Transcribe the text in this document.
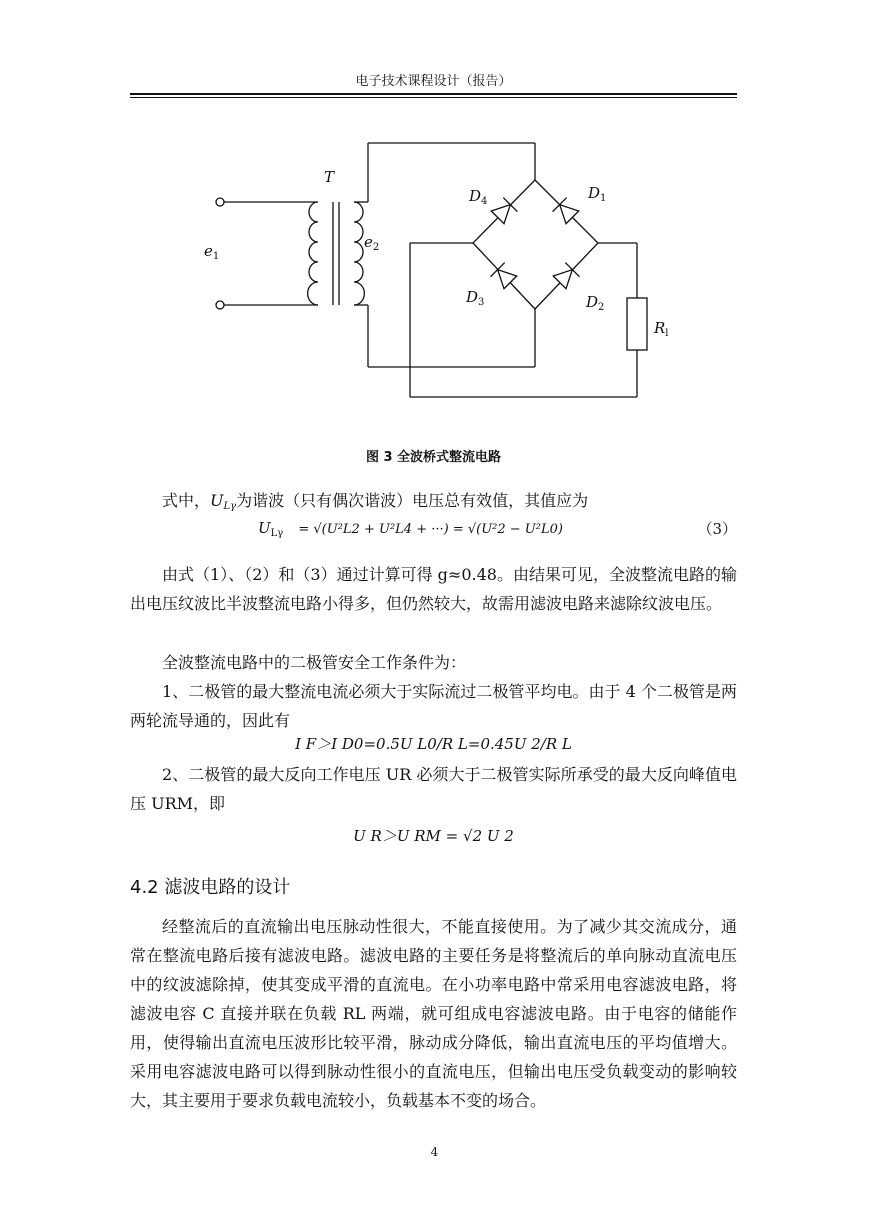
电子技术课程设计（报告）
T
$e_1$
$e_2$
$D_4$	$D_1$
$D_3$	$D_2$
$R_l$
图 3 全波桥式整流电路
式中，$U_{L\gamma}$为谐波（只有偶次谐波）电压总有效值，其值应为
$U_{L\gamma} = √(U^2L2 + U^2L4$ + ···) = √(U²2 − U²L0)	（3）
由式（1）、（2）和（3）通过计算可得 g≈0.48。由结果可见，全波整流电路的输出电压纹波比半波整流电路小得多，但仍然较大，故需用滤波电路来滤除纹波电压。
全波整流电路中的二极管安全工作条件为：
1、二极管的最大整流电流必须大于实际流过二极管平均电。由于 4 个二极管是两两轮流导通的，因此有
I F＞I D0=0.5U L0/R L=0.45U 2/R L
2、二极管的最大反向工作电压 UR 必须大于二极管实际所承受的最大反向峰值电压 URM，即
U R＞U RM = √2 U 2
4.2 滤波电路的设计
经整流后的直流输出电压脉动性很大，不能直接使用。为了减少其交流成分，通常在整流电路后接有滤波电路。滤波电路的主要任务是将整流后的单向脉动直流电压中的纹波滤除掉，使其变成平滑的直流电。在小功率电路中常采用电容滤波电路，将滤波电容 C 直接并联在负载 RL 两端，就可组成电容滤波电路。由于电容的储能作用，使得输出直流电压波形比较平滑，脉动成分降低，输出直流电压的平均值增大。采用电容滤波电路可以得到脉动性很小的直流电压，但输出电压受负载变动的影响较大，其主要用于要求负载电流较小，负载基本不变的场合。
4
